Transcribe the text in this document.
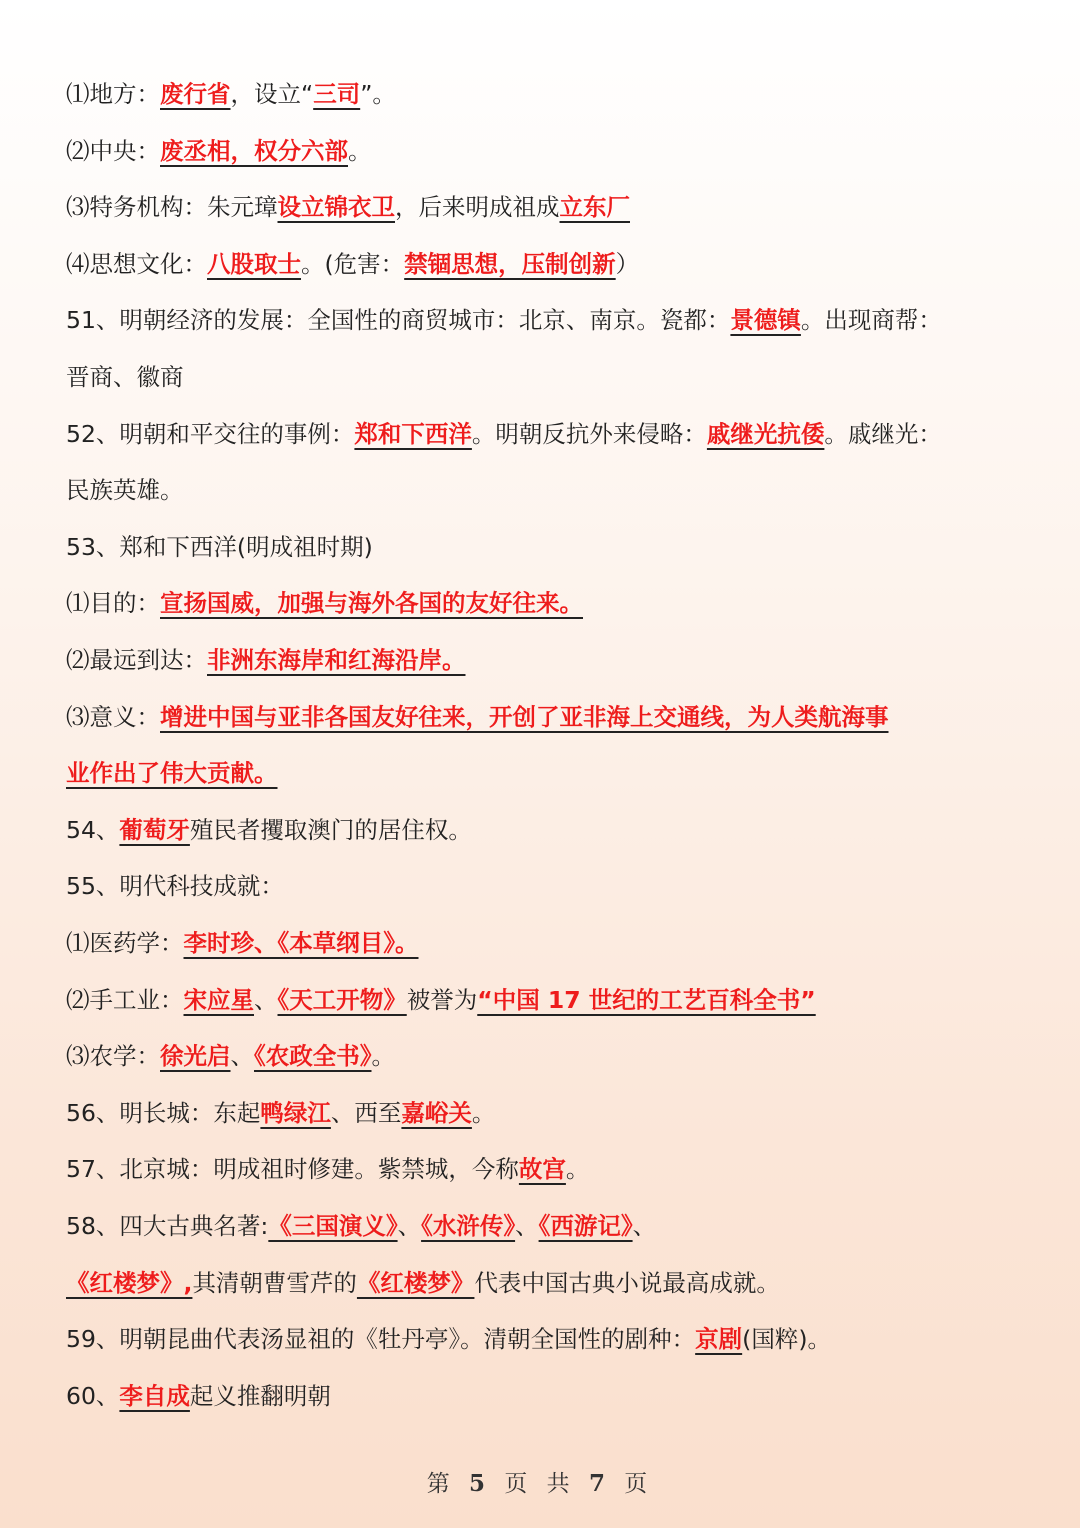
⑴地方：废行省，设立“三司”。
⑵中央：废丞相，权分六部。
⑶特务机构：朱元璋设立锦衣卫，后来明成祖成立东厂
⑷思想文化：八股取士。(危害：禁锢思想，压制创新）
51、明朝经济的发展：全国性的商贸城市：北京、南京。瓷都：景德镇。出现商帮：
晋商、徽商
52、明朝和平交往的事例：郑和下西洋。明朝反抗外来侵略：戚继光抗倭。戚继光：
民族英雄。
53、郑和下西洋(明成祖时期)
⑴目的：宣扬国威，加强与海外各国的友好往来。
⑵最远到达：非洲东海岸和红海沿岸。
⑶意义：增进中国与亚非各国友好往来，开创了亚非海上交通线，为人类航海事
业作出了伟大贡献。
54、葡萄牙殖民者攫取澳门的居住权。
55、明代科技成就：
⑴医药学：李时珍、《本草纲目》。
⑵手工业：宋应星、《天工开物》被誉为“中国 17 世纪的工艺百科全书”
⑶农学：徐光启、《农政全书》。
56、明长城：东起鸭绿江、西至嘉峪关。
57、北京城：明成祖时修建。紫禁城，今称故宫。
58、四大古典名著:《三国演义》、《水浒传》、《西游记》、
《红楼梦》,其清朝曹雪芹的《红楼梦》代表中国古典小说最高成就。
59、明朝昆曲代表汤显祖的《牡丹亭》。清朝全国性的剧种：京剧(国粹)。
60、李自成起义推翻明朝
第 5 页 共 7 页
